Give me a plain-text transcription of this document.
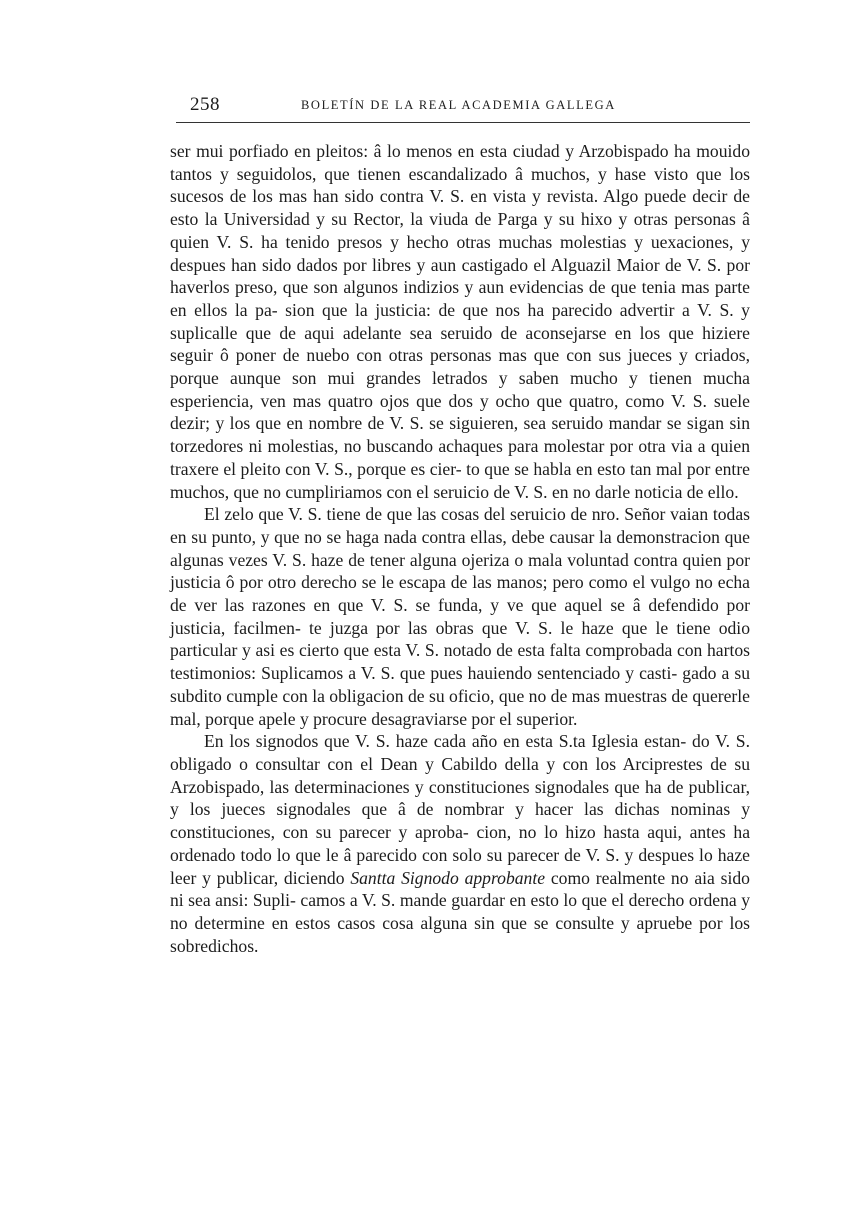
258	BOLETÍN DE LA REAL ACADEMIA GALLEGA

ser mui porfiado en pleitos: â lo menos en esta ciudad y Arzobispado ha mouido tantos y seguidolos, que tienen escandalizado â muchos, y hase visto que los sucesos de los mas han sido contra V. S. en vista y revista. Algo puede decir de esto la Universidad y su Rector, la viuda de Parga y su hixo y otras personas â quien V. S. ha tenido presos y hecho otras muchas molestias y uexaciones, y despues han sido dados por libres y aun castigado el Alguazil Maior de V. S. por haverlos preso, que son algunos indizios y aun evidencias de que tenia mas parte en ellos la pa- sion que la justicia: de que nos ha parecido advertir a V. S. y suplicalle que de aqui adelante sea seruido de aconsejarse en los que hiziere seguir ô poner de nuebo con otras personas mas que con sus jueces y criados, porque aunque son mui grandes letrados y saben mucho y tienen mucha esperiencia, ven mas quatro ojos que dos y ocho que quatro, como V. S. suele dezir; y los que en nombre de V. S. se siguieren, sea seruido mandar se sigan sin torzedores ni molestias, no buscando achaques para molestar por otra via a quien traxere el pleito con V. S., porque es cier- to que se habla en esto tan mal por entre muchos, que no cumpliriamos con el seruicio de V. S. en no darle noticia de ello.

El zelo que V. S. tiene de que las cosas del seruicio de nro. Señor vaian todas en su punto, y que no se haga nada contra ellas, debe causar la demonstracion que algunas vezes V. S. haze de tener alguna ojeriza o mala voluntad contra quien por justicia ô por otro derecho se le escapa de las manos; pero como el vulgo no echa de ver las razones en que V. S. se funda, y ve que aquel se â defendido por justicia, facilmen- te juzga por las obras que V. S. le haze que le tiene odio particular y asi es cierto que esta V. S. notado de esta falta comprobada con hartos testimonios: Suplicamos a V. S. que pues hauiendo sentenciado y casti- gado a su subdito cumple con la obligacion de su oficio, que no de mas muestras de quererle mal, porque apele y procure desagraviarse por el superior.

En los signodos que V. S. haze cada año en esta S.ta Iglesia estan- do V. S. obligado o consultar con el Dean y Cabildo della y con los Arciprestes de su Arzobispado, las determinaciones y constituciones signodales que ha de publicar, y los jueces signodales que â de nombrar y hacer las dichas nominas y constituciones, con su parecer y aproba- cion, no lo hizo hasta aqui, antes ha ordenado todo lo que le â parecido con solo su parecer de V. S. y despues lo haze leer y publicar, diciendo Santta Signodo approbante como realmente no aia sido ni sea ansi: Supli- camos a V. S. mande guardar en esto lo que el derecho ordena y no determine en estos casos cosa alguna sin que se consulte y apruebe por los sobredichos.
